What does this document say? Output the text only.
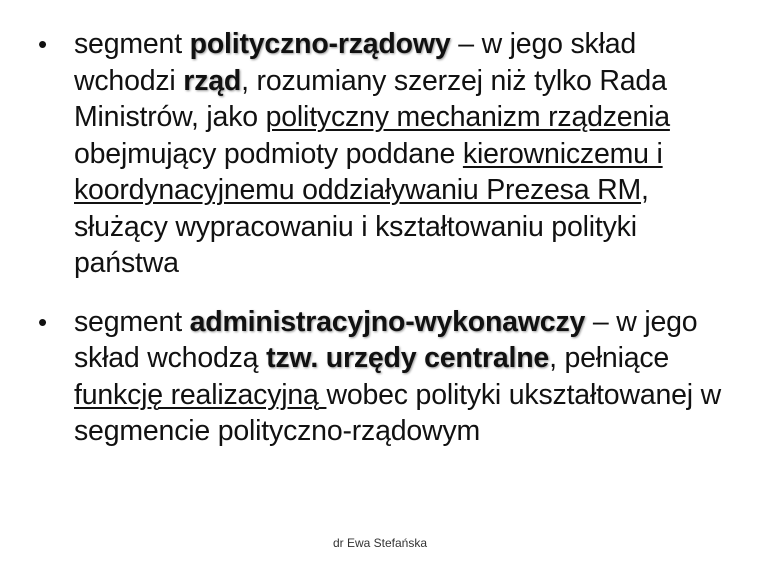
• segment polityczno-rządowy – w jego skład wchodzi rząd, rozumiany szerzej niż tylko Rada Ministrów, jako polityczny mechanizm rządzenia obejmujący podmioty poddane kierowniczemu i koordynacyjnemu oddziaływaniu Prezesa RM, służący wypracowaniu i kształtowaniu polityki państwa
• segment administracyjno-wykonawczy – w jego skład wchodzą tzw. urzędy centralne, pełniące funkcję realizacyjną wobec polityki ukształtowanej w segmencie polityczno-rządowym
dr Ewa Stefańska
